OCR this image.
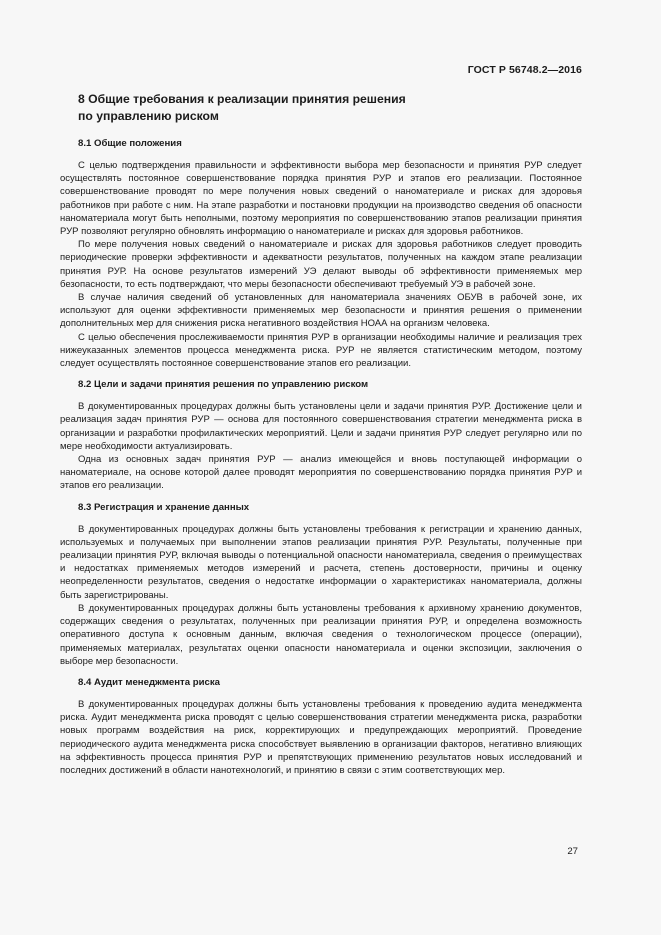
ГОСТ Р 56748.2—2016
8 Общие требования к реализации принятия решения
по управлению риском
8.1 Общие положения

С целью подтверждения правильности и эффективности выбора мер безопасности и принятия РУР следует осуществлять постоянное совершенствование порядка принятия РУР и этапов его реализации. Постоянное совершенствование проводят по мере получения новых сведений о наноматериале и рисках для здоровья работников при работе с ним. На этапе разработки и постановки продукции на производство сведения об опасности наноматериала могут быть неполными, поэтому мероприятия по совершенствованию этапов реализации принятия РУР позволяют регулярно обновлять информацию о наноматериале и рисках для здоровья работников.

По мере получения новых сведений о наноматериале и рисках для здоровья работников следует проводить периодические проверки эффективности и адекватности результатов, полученных на каждом этапе реализации принятия РУР. На основе результатов измерений УЭ делают выводы об эффективности применяемых мер безопасности, то есть подтверждают, что меры безопасности обеспечивают требуемый УЭ в рабочей зоне.

В случае наличия сведений об установленных для наноматериала значениях ОБУВ в рабочей зоне, их используют для оценки эффективности применяемых мер безопасности и принятия решения о применении дополнительных мер для снижения риска негативного воздействия НОАА на организм человека.

С целью обеспечения прослеживаемости принятия РУР в организации необходимы наличие и реализация трех нижеуказанных элементов процесса менеджмента риска. РУР не является статистическим методом, поэтому следует осуществлять постоянное совершенствование этапов его реализации.

8.2 Цели и задачи принятия решения по управлению риском

В документированных процедурах должны быть установлены цели и задачи принятия РУР. Достижение цели и реализация задач принятия РУР — основа для постоянного совершенствования стратегии менеджмента риска в организации и разработки профилактических мероприятий. Цели и задачи принятия РУР следует регулярно или по мере необходимости актуализировать.

Одна из основных задач принятия РУР — анализ имеющейся и вновь поступающей информации о наноматериале, на основе которой далее проводят мероприятия по совершенствованию порядка принятия РУР и этапов его реализации.

8.3 Регистрация и хранение данных

В документированных процедурах должны быть установлены требования к регистрации и хранению данных, используемых и получаемых при выполнении этапов реализации принятия РУР. Результаты, полученные при реализации принятия РУР, включая выводы о потенциальной опасности наноматериала, сведения о преимуществах и недостатках применяемых методов измерений и расчета, степень достоверности, причины и оценку неопределенности результатов, сведения о недостатке информации о характеристиках наноматериала, должны быть зарегистрированы.

В документированных процедурах должны быть установлены требования к архивному хранению документов, содержащих сведения о результатах, полученных при реализации принятия РУР, и определена возможность оперативного доступа к основным данным, включая сведения о технологическом процессе (операции), применяемых материалах, результатах оценки опасности наноматериала и оценки экспозиции, заключения о выборе мер безопасности.

8.4 Аудит менеджмента риска

В документированных процедурах должны быть установлены требования к проведению аудита менеджмента риска. Аудит менеджмента риска проводят с целью совершенствования стратегии менеджмента риска, разработки новых программ воздействия на риск, корректирующих и предупреждающих мероприятий. Проведение периодического аудита менеджмента риска способствует выявлению в организации факторов, негативно влияющих на эффективность процесса принятия РУР и препятствующих применению результатов новых исследований и последних достижений в области нанотехнологий, и принятию в связи с этим соответствующих мер.

27
